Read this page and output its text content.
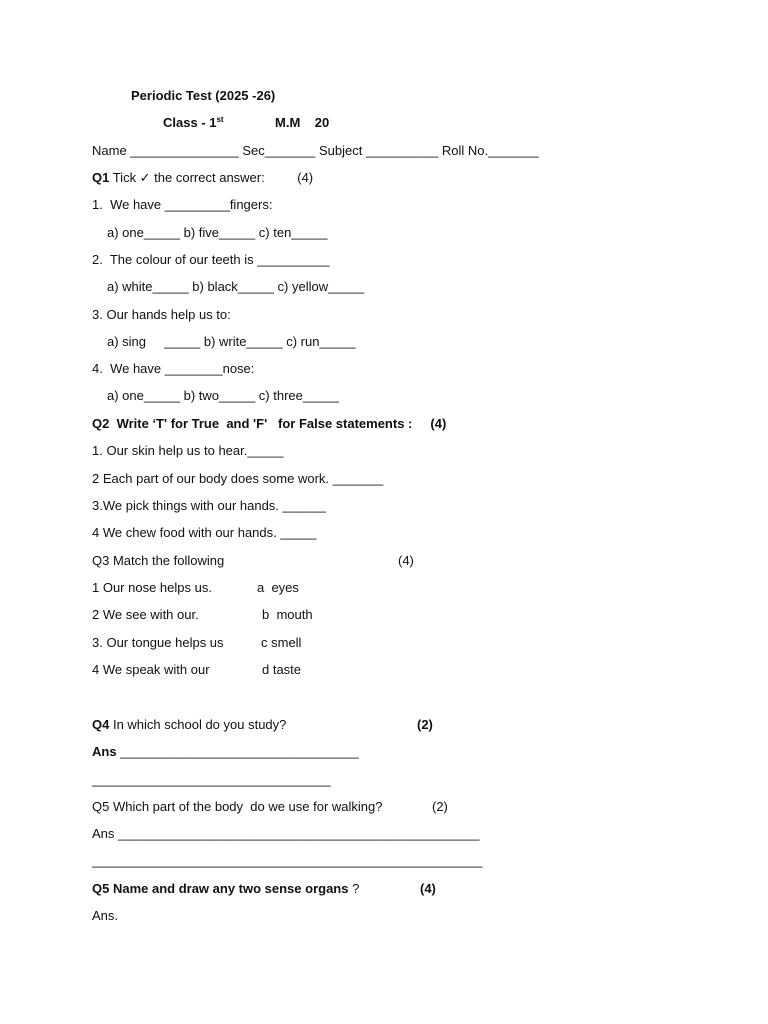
Periodic Test (2025 -26)
Class - 1st	M.M    20
Name _______________ Sec_______ Subject __________ Roll No._______
Q1 Tick ✓ the correct answer:         (4)
1.  We have _________fingers:
a) one_____ b) five_____ c) ten_____
2.  The colour of our teeth is __________
a) white_____ b) black_____ c) yellow_____
3. Our hands help us to:
a) sing     _____ b) write_____ c) run_____
4.  We have ________nose:
a) one_____ b) two_____ c) three_____
Q2  Write ‘T' for True  and 'F'   for False statements :     (4)
1. Our skin help us to hear._____
2 Each part of our body does some work. _______
3.We pick things with our hands. ______
4 We chew food with our hands. _____
Q3 Match the following	(4)
1 Our nose helps us.	a  eyes
2 We see with our.	b  mouth
3. Our tongue helps us	c smell
4 We speak with our	d taste
Q4 In which school do you study?	(2)
Ans _________________________________
_________________________________
Q5 Which part of the body  do we use for walking?	(2)
Ans __________________________________________________
______________________________________________________
Q5 Name and draw any two sense organs ?	(4)
Ans.
